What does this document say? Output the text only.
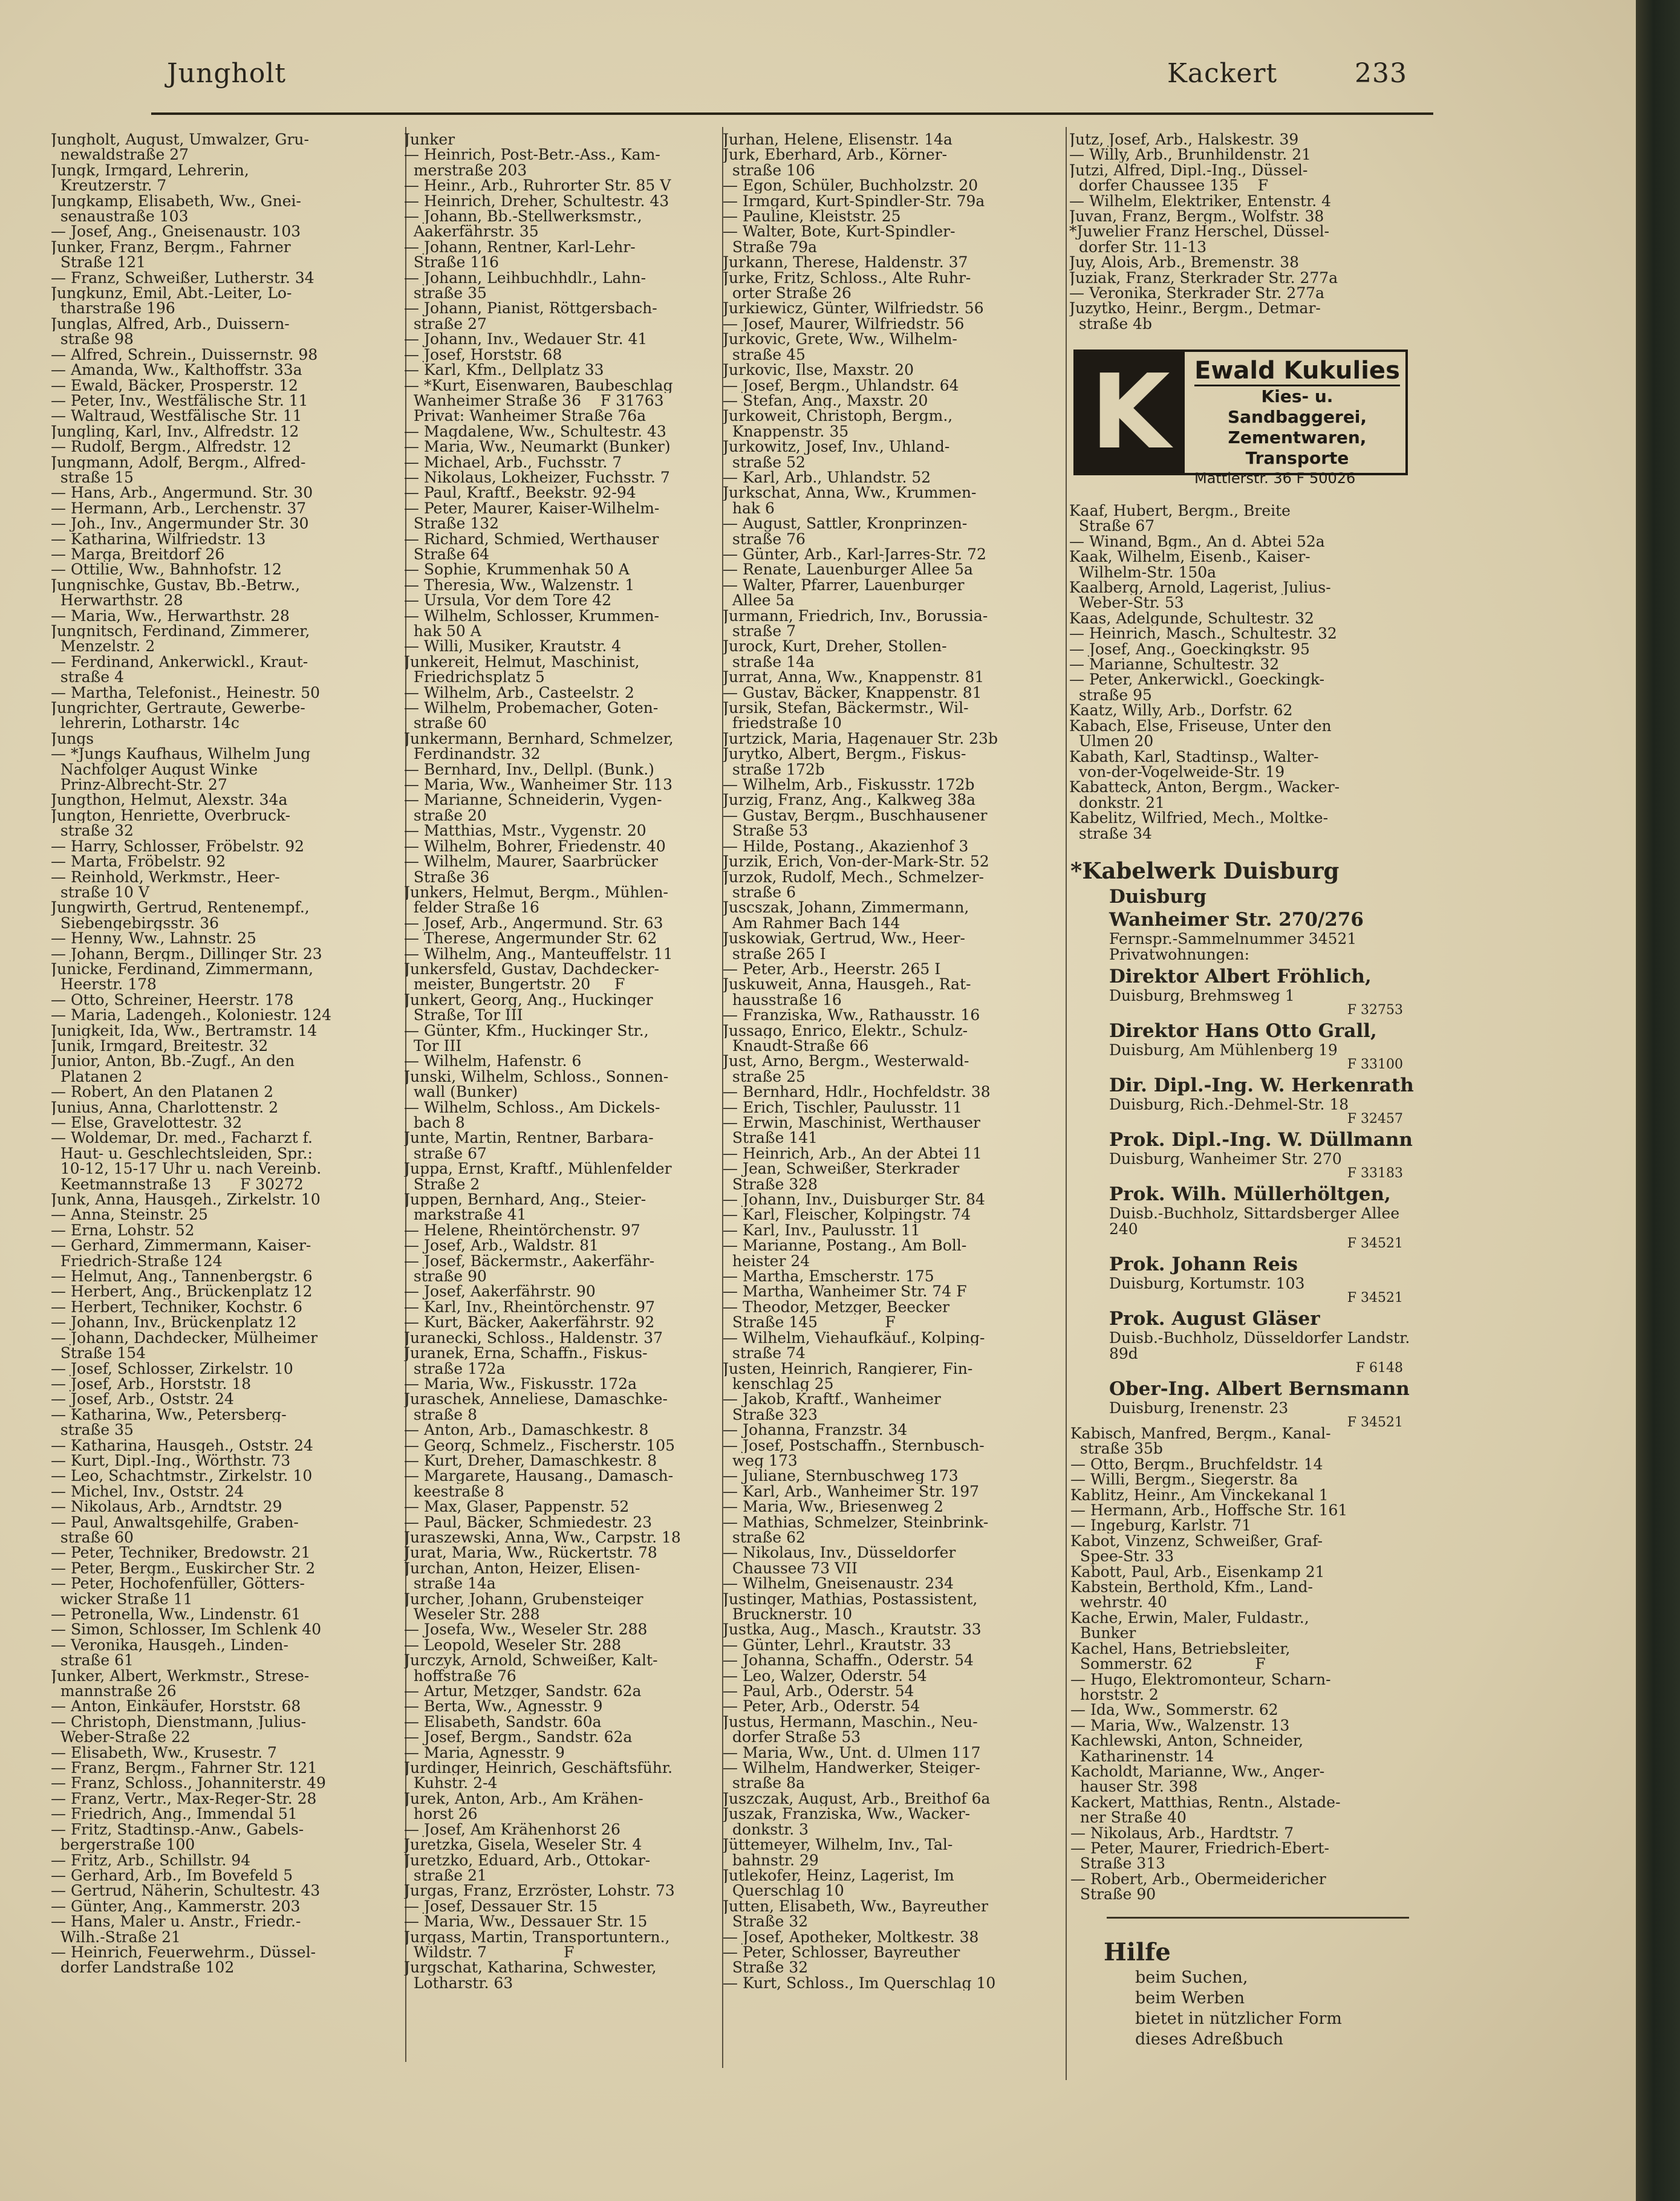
Jungholt	Kackert	233
Jungholt, August, Umwalzer, Gru-
newaldstraße 27
Jungk, Irmgard, Lehrerin,
Kreutzerstr. 7
Jungkamp, Elisabeth, Ww., Gnei-
senaustraße 103
— Josef, Ang., Gneisenaustr. 103
Junker, Franz, Bergm., Fahrner
Straße 121
— Franz, Schweißer, Lutherstr. 34
Jungkunz, Emil, Abt.-Leiter, Lo-
tharstraße 196
Junglas, Alfred, Arb., Duissern-
straße 98
— Alfred, Schrein., Duissernstr. 98
— Amanda, Ww., Kalthoffstr. 33a
— Ewald, Bäcker, Prosperstr. 12
— Peter, Inv., Westfälische Str. 11
— Waltraud, Westfälische Str. 11
Jungling, Karl, Inv., Alfredstr. 12
— Rudolf, Bergm., Alfredstr. 12
Jungmann, Adolf, Bergm., Alfred-
straße 15
— Hans, Arb., Angermund. Str. 30
— Hermann, Arb., Lerchenstr. 37
— Joh., Inv., Angermunder Str. 30
— Katharina, Wilfriedstr. 13
— Marga, Breitdorf 26
— Ottilie, Ww., Bahnhofstr. 12
Jungnischke, Gustav, Bb.-Betrw.,
Herwarthstr. 28
— Maria, Ww., Herwarthstr. 28
Jungnitsch, Ferdinand, Zimmerer,
Menzelstr. 2
— Ferdinand, Ankerwickl., Kraut-
straße 4
— Martha, Telefonist., Heinestr. 50
Jungrichter, Gertraute, Gewerbe-
lehrerin, Lotharstr. 14c
Jungs
— *Jungs Kaufhaus, Wilhelm Jung
Nachfolger August Winke
Prinz-Albrecht-Str. 27
Jungthon, Helmut, Alexstr. 34a
Jungton, Henriette, Overbruck-
straße 32
— Harry, Schlosser, Fröbelstr. 92
— Marta, Fröbelstr. 92
— Reinhold, Werkmstr., Heer-
straße 10 V
Jungwirth, Gertrud, Rentenempf.,
Siebengebirgsstr. 36
— Henny, Ww., Lahnstr. 25
— Johann, Bergm., Dillinger Str. 23
Junicke, Ferdinand, Zimmermann,
Heerstr. 178
— Otto, Schreiner, Heerstr. 178
— Maria, Ladengeh., Koloniestr. 124
Junigkeit, Ida, Ww., Bertramstr. 14
Junik, Irmgard, Breitestr. 32
Junior, Anton, Bb.-Zugf., An den
Platanen 2
— Robert, An den Platanen 2
Junius, Anna, Charlottenstr. 2
— Else, Gravelottestr. 32
— Woldemar, Dr. med., Facharzt f.
Haut- u. Geschlechtsleiden, Spr.:
10-12, 15-17 Uhr u. nach Vereinb.
Keetmannstraße 13      F 30272
Junk, Anna, Hausgeh., Zirkelstr. 10
— Anna, Steinstr. 25
— Erna, Lohstr. 52
— Gerhard, Zimmermann, Kaiser-
Friedrich-Straße 124
— Helmut, Ang., Tannenbergstr. 6
— Herbert, Ang., Brückenplatz 12
— Herbert, Techniker, Kochstr. 6
— Johann, Inv., Brückenplatz 12
— Johann, Dachdecker, Mülheimer
Straße 154
— Josef, Schlosser, Zirkelstr. 10
— Josef, Arb., Horststr. 18
— Josef, Arb., Oststr. 24
— Katharina, Ww., Petersberg-
straße 35
— Katharina, Hausgeh., Oststr. 24
— Kurt, Dipl.-Ing., Wörthstr. 73
— Leo, Schachtmstr., Zirkelstr. 10
— Michel, Inv., Oststr. 24
— Nikolaus, Arb., Arndtstr. 29
— Paul, Anwaltsgehilfe, Graben-
straße 60
— Peter, Techniker, Bredowstr. 21
— Peter, Bergm., Euskircher Str. 2
— Peter, Hochofenfüller, Götters-
wicker Straße 11
— Petronella, Ww., Lindenstr. 61
— Simon, Schlosser, Im Schlenk 40
— Veronika, Hausgeh., Linden-
straße 61
Junker, Albert, Werkmstr., Strese-
mannstraße 26
— Anton, Einkäufer, Horststr. 68
— Christoph, Dienstmann, Julius-
Weber-Straße 22
— Elisabeth, Ww., Krusestr. 7
— Franz, Bergm., Fahrner Str. 121
— Franz, Schloss., Johanniterstr. 49
— Franz, Vertr., Max-Reger-Str. 28
— Friedrich, Ang., Immendal 51
— Fritz, Stadtinsp.-Anw., Gabels-
bergerstraße 100
— Fritz, Arb., Schillstr. 94
— Gerhard, Arb., Im Bovefeld 5
— Gertrud, Näherin, Schultestr. 43
— Günter, Ang., Kammerstr. 203
— Hans, Maler u. Anstr., Friedr.-
Wilh.-Straße 21
— Heinrich, Feuerwehrm., Düssel-
dorfer Landstraße 102
Junker
— Heinrich, Post-Betr.-Ass., Kam-
merstraße 203
— Heinr., Arb., Ruhrorter Str. 85 V
— Heinrich, Dreher, Schultestr. 43
— Johann, Bb.-Stellwerksmstr.,
Aakerfährstr. 35
— Johann, Rentner, Karl-Lehr-
Straße 116
— Johann, Leihbuchhdlr., Lahn-
straße 35
— Johann, Pianist, Röttgersbach-
straße 27
— Johann, Inv., Wedauer Str. 41
— Josef, Horststr. 68
— Karl, Kfm., Dellplatz 33
— *Kurt, Eisenwaren, Baubeschlag
Wanheimer Straße 36    F 31763
Privat: Wanheimer Straße 76a
— Magdalene, Ww., Schultestr. 43
— Maria, Ww., Neumarkt (Bunker)
— Michael, Arb., Fuchsstr. 7
— Nikolaus, Lokheizer, Fuchsstr. 7
— Paul, Kraftf., Beekstr. 92-94
— Peter, Maurer, Kaiser-Wilhelm-
Straße 132
— Richard, Schmied, Werthauser
Straße 64
— Sophie, Krummenhak 50 A
— Theresia, Ww., Walzenstr. 1
— Ursula, Vor dem Tore 42
— Wilhelm, Schlosser, Krummen-
hak 50 A
— Willi, Musiker, Krautstr. 4
Junkereit, Helmut, Maschinist,
Friedrichsplatz 5
— Wilhelm, Arb., Casteelstr. 2
— Wilhelm, Probemacher, Goten-
straße 60
Junkermann, Bernhard, Schmelzer,
Ferdinandstr. 32
— Bernhard, Inv., Dellpl. (Bunk.)
— Maria, Ww., Wanheimer Str. 113
— Marianne, Schneiderin, Vygen-
straße 20
— Matthias, Mstr., Vygenstr. 20
— Wilhelm, Bohrer, Friedenstr. 40
— Wilhelm, Maurer, Saarbrücker
Straße 36
Junkers, Helmut, Bergm., Mühlen-
felder Straße 16
— Josef, Arb., Angermund. Str. 63
— Therese, Angermunder Str. 62
— Wilhelm, Ang., Manteuffelstr. 11
Junkersfeld, Gustav, Dachdecker-
meister, Bungertstr. 20     F
Junkert, Georg, Ang., Huckinger
Straße, Tor III
— Günter, Kfm., Huckinger Str.,
Tor III
— Wilhelm, Hafenstr. 6
Junski, Wilhelm, Schloss., Sonnen-
wall (Bunker)
— Wilhelm, Schloss., Am Dickels-
bach 8
Junte, Martin, Rentner, Barbara-
straße 67
Juppa, Ernst, Kraftf., Mühlenfelder
Straße 2
Juppen, Bernhard, Ang., Steier-
markstraße 41
— Helene, Rheintörchenstr. 97
— Josef, Arb., Waldstr. 81
— Josef, Bäckermstr., Aakerfähr-
straße 90
— Josef, Aakerfährstr. 90
— Karl, Inv., Rheintörchenstr. 97
— Kurt, Bäcker, Aakerfährstr. 92
Juranecki, Schloss., Haldenstr. 37
Juranek, Erna, Schaffn., Fiskus-
straße 172a
— Maria, Ww., Fiskusstr. 172a
Juraschek, Anneliese, Damaschke-
straße 8
— Anton, Arb., Damaschkestr. 8
— Georg, Schmelz., Fischerstr. 105
— Kurt, Dreher, Damaschkestr. 8
— Margarete, Hausang., Damasch-
keestraße 8
— Max, Glaser, Pappenstr. 52
— Paul, Bäcker, Schmiedestr. 23
Juraszewski, Anna, Ww., Carpstr. 18
Jurat, Maria, Ww., Rückertstr. 78
Jurchan, Anton, Heizer, Elisen-
straße 14a
Jurcher, Johann, Grubensteiger
Weseler Str. 288
— Josefa, Ww., Weseler Str. 288
— Leopold, Weseler Str. 288
Jurczyk, Arnold, Schweißer, Kalt-
hoffstraße 76
— Artur, Metzger, Sandstr. 62a
— Berta, Ww., Agnesstr. 9
— Elisabeth, Sandstr. 60a
— Josef, Bergm., Sandstr. 62a
— Maria, Agnesstr. 9
Jurdinger, Heinrich, Geschäftsführ.
Kuhstr. 2-4
Jurek, Anton, Arb., Am Krähen-
horst 26
— Josef, Am Krähenhorst 26
Juretzka, Gisela, Weseler Str. 4
Juretzko, Eduard, Arb., Ottokar-
straße 21
Jurgas, Franz, Erzröster, Lohstr. 73
— Josef, Dessauer Str. 15
— Maria, Ww., Dessauer Str. 15
Jurgass, Martin, Transportuntern.,
Wildstr. 7                F
Jurgschat, Katharina, Schwester,
Lotharstr. 63
Jurhan, Helene, Elisenstr. 14a
Jurk, Eberhard, Arb., Körner-
straße 106
— Egon, Schüler, Buchholzstr. 20
— Irmgard, Kurt-Spindler-Str. 79a
— Pauline, Kleiststr. 25
— Walter, Bote, Kurt-Spindler-
Straße 79a
Jurkann, Therese, Haldenstr. 37
Jurke, Fritz, Schloss., Alte Ruhr-
orter Straße 26
Jurkiewicz, Günter, Wilfriedstr. 56
— Josef, Maurer, Wilfriedstr. 56
Jurkovic, Grete, Ww., Wilhelm-
straße 45
Jurkovic, Ilse, Maxstr. 20
— Josef, Bergm., Uhlandstr. 64
— Stefan, Ang., Maxstr. 20
Jurkoweit, Christoph, Bergm.,
Knappenstr. 35
Jurkowitz, Josef, Inv., Uhland-
straße 52
— Karl, Arb., Uhlandstr. 52
Jurkschat, Anna, Ww., Krummen-
hak 6
— August, Sattler, Kronprinzen-
straße 76
— Günter, Arb., Karl-Jarres-Str. 72
— Renate, Lauenburger Allee 5a
— Walter, Pfarrer, Lauenburger
Allee 5a
Jurmann, Friedrich, Inv., Borussia-
straße 7
Jurock, Kurt, Dreher, Stollen-
straße 14a
Jurrat, Anna, Ww., Knappenstr. 81
— Gustav, Bäcker, Knappenstr. 81
Jursik, Stefan, Bäckermstr., Wil-
friedstraße 10
Jurtzick, Maria, Hagenauer Str. 23b
Jurytko, Albert, Bergm., Fiskus-
straße 172b
— Wilhelm, Arb., Fiskusstr. 172b
Jurzig, Franz, Ang., Kalkweg 38a
— Gustav, Bergm., Buschhausener
Straße 53
— Hilde, Postang., Akazienhof 3
Jurzik, Erich, Von-der-Mark-Str. 52
Jurzok, Rudolf, Mech., Schmelzer-
straße 6
Juscszak, Johann, Zimmermann,
Am Rahmer Bach 144
Juskowiak, Gertrud, Ww., Heer-
straße 265 I
— Peter, Arb., Heerstr. 265 I
Juskuweit, Anna, Hausgeh., Rat-
hausstraße 16
— Franziska, Ww., Rathausstr. 16
Jussago, Enrico, Elektr., Schulz-
Knaudt-Straße 66
Just, Arno, Bergm., Westerwald-
straße 25
— Bernhard, Hdlr., Hochfeldstr. 38
— Erich, Tischler, Paulusstr. 11
— Erwin, Maschinist, Werthauser
Straße 141
— Heinrich, Arb., An der Abtei 11
— Jean, Schweißer, Sterkrader
Straße 328
— Johann, Inv., Duisburger Str. 84
— Karl, Fleischer, Kolpingstr. 74
— Karl, Inv., Paulusstr. 11
— Marianne, Postang., Am Boll-
heister 24
— Martha, Emscherstr. 175
— Martha, Wanheimer Str. 74 F
— Theodor, Metzger, Beecker
Straße 145              F
— Wilhelm, Viehaufkäuf., Kolping-
straße 74
Justen, Heinrich, Rangierer, Fin-
kenschlag 25
— Jakob, Kraftf., Wanheimer
Straße 323
— Johanna, Franzstr. 34
— Josef, Postschaffn., Sternbusch-
weg 173
— Juliane, Sternbuschweg 173
— Karl, Arb., Wanheimer Str. 197
— Maria, Ww., Briesenweg 2
— Mathias, Schmelzer, Steinbrink-
straße 62
— Nikolaus, Inv., Düsseldorfer
Chaussee 73 VII
— Wilhelm, Gneisenaustr. 234
Justinger, Mathias, Postassistent,
Brucknerstr. 10
Justka, Aug., Masch., Krautstr. 33
— Günter, Lehrl., Krautstr. 33
— Johanna, Schaffn., Oderstr. 54
— Leo, Walzer, Oderstr. 54
— Paul, Arb., Oderstr. 54
— Peter, Arb., Oderstr. 54
Justus, Hermann, Maschin., Neu-
dorfer Straße 53
— Maria, Ww., Unt. d. Ulmen 117
— Wilhelm, Handwerker, Steiger-
straße 8a
Juszczak, August, Arb., Breithof 6a
Juszak, Franziska, Ww., Wacker-
donkstr. 3
Jüttemeyer, Wilhelm, Inv., Tal-
bahnstr. 29
Jutlekofer, Heinz, Lagerist, Im
Querschlag 10
Jutten, Elisabeth, Ww., Bayreuther
Straße 32
— Josef, Apotheker, Moltkestr. 38
— Peter, Schlosser, Bayreuther
Straße 32
— Kurt, Schloss., Im Querschlag 10
Jutz, Josef, Arb., Halskestr. 39
— Willy, Arb., Brunhildenstr. 21
Jutzi, Alfred, Dipl.-Ing., Düssel-
dorfer Chaussee 135    F
— Wilhelm, Elektriker, Entenstr. 4
Juvan, Franz, Bergm., Wolfstr. 38
*Juwelier Franz Herschel, Düssel-
dorfer Str. 11-13
Juy, Alois, Arb., Bremenstr. 38
Juziak, Franz, Sterkrader Str. 277a
— Veronika, Sterkrader Str. 277a
Juzytko, Heinr., Bergm., Detmar-
straße 4b
K	Ewald Kukulies
Kies- u. Sandbaggerei,
Zementwaren,
Transporte
Mattlerstr. 36 F 50026
Kaaf, Hubert, Bergm., Breite
Straße 67
— Winand, Bgm., An d. Abtei 52a
Kaak, Wilhelm, Eisenb., Kaiser-
Wilhelm-Str. 150a
Kaalberg, Arnold, Lagerist, Julius-
Weber-Str. 53
Kaas, Adelgunde, Schultestr. 32
— Heinrich, Masch., Schultestr. 32
— Josef, Ang., Goeckingkstr. 95
— Marianne, Schultestr. 32
— Peter, Ankerwickl., Goeckingk-
straße 95
Kaatz, Willy, Arb., Dorfstr. 62
Kabach, Else, Friseuse, Unter den
Ulmen 20
Kabath, Karl, Stadtinsp., Walter-
von-der-Vogelweide-Str. 19
Kabatteck, Anton, Bergm., Wacker-
donkstr. 21
Kabelitz, Wilfried, Mech., Moltke-
straße 34
*Kabelwerk Duisburg
Duisburg
Wanheimer Str. 270/276
Fernspr.-Sammelnummer 34521
Privatwohnungen:
Direktor Albert Fröhlich,
Duisburg, Brehmsweg 1
F 32753
Direktor Hans Otto Grall,
Duisburg, Am Mühlenberg 19
F 33100
Dir. Dipl.-Ing. W. Herkenrath
Duisburg, Rich.-Dehmel-Str. 18
F 32457
Prok. Dipl.-Ing. W. Düllmann
Duisburg, Wanheimer Str. 270
F 33183
Prok. Wilh. Müllerhöltgen,
Duisb.-Buchholz, Sittardsberger Allee 240
F 34521
Prok. Johann Reis
Duisburg, Kortumstr. 103
F 34521
Prok. August Gläser
Duisb.-Buchholz, Düsseldorfer Landstr. 89d
F 6148
Ober-Ing. Albert Bernsmann
Duisburg, Irenenstr. 23
F 34521
Kabisch, Manfred, Bergm., Kanal-
straße 35b
— Otto, Bergm., Bruchfeldstr. 14
— Willi, Bergm., Siegerstr. 8a
Kablitz, Heinr., Am Vinckekanal 1
— Hermann, Arb., Hoffsche Str. 161
— Ingeburg, Karlstr. 71
Kabot, Vinzenz, Schweißer, Graf-
Spee-Str. 33
Kabott, Paul, Arb., Eisenkamp 21
Kabstein, Berthold, Kfm., Land-
wehrstr. 40
Kache, Erwin, Maler, Fuldastr.,
Bunker
Kachel, Hans, Betriebsleiter,
Sommerstr. 62             F
— Hugo, Elektromonteur, Scharn-
horststr. 2
— Ida, Ww., Sommerstr. 62
— Maria, Ww., Walzenstr. 13
Kachlewski, Anton, Schneider,
Katharinenstr. 14
Kacholdt, Marianne, Ww., Anger-
hauser Str. 398
Kackert, Matthias, Rentn., Alstade-
ner Straße 40
— Nikolaus, Arb., Hardtstr. 7
— Peter, Maurer, Friedrich-Ebert-
Straße 313
— Robert, Arb., Obermeidericher
Straße 90
Hilfe
beim Suchen,
beim Werben
bietet in nützlicher Form
dieses Adreßbuch
